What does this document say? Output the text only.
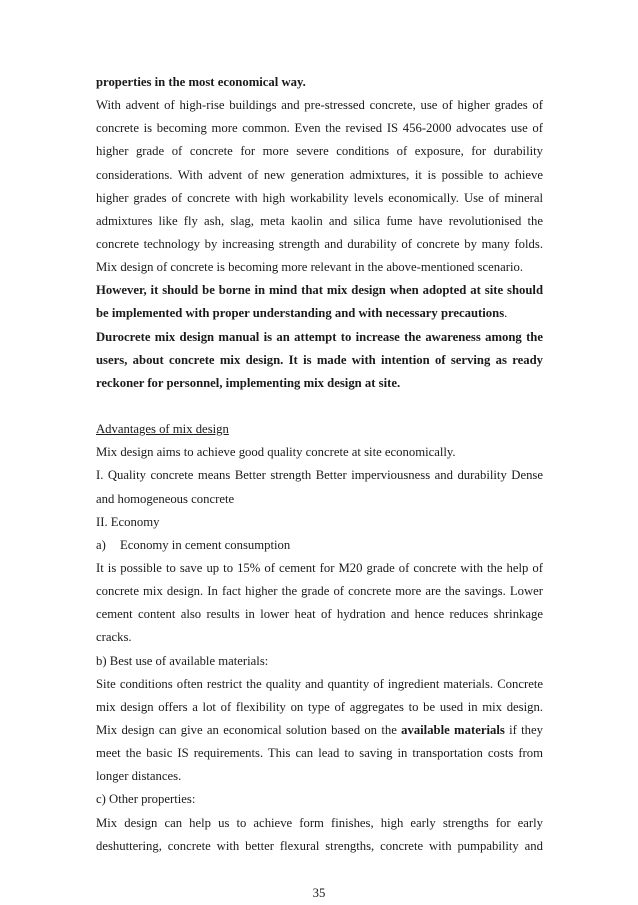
properties in the most economical way.
With advent of high-rise buildings and pre-stressed concrete, use of higher grades of
concrete is becoming more common. Even the revised IS 456-2000 advocates use of
higher grade of concrete for more severe conditions of exposure, for durability
considerations. With advent of new generation admixtures, it is possible to achieve
higher grades of concrete with high workability levels economically. Use of mineral
admixtures like fly ash, slag, meta kaolin and silica fume have revolutionised the
concrete technology by increasing strength and durability of concrete by many folds.
Mix design of concrete is becoming more relevant in the above-mentioned scenario.
However, it should be borne in mind that mix design when adopted at site should
be implemented with proper understanding and with necessary precautions.
Durocrete mix design manual is an attempt to increase the awareness among the
users, about concrete mix design. It is made with intention of serving as ready
reckoner for personnel, implementing mix design at site.
Advantages of mix design
Mix design aims to achieve good quality concrete at site economically.
I. Quality concrete means Better strength Better imperviousness and durability Dense
and homogeneous concrete
II. Economy
a) Economy in cement consumption
It is possible to save up to 15% of cement for M20 grade of concrete with the help of
concrete mix design. In fact higher the grade of concrete more are the savings. Lower
cement content also results in lower heat of hydration and hence reduces shrinkage
cracks.
b) Best use of available materials:
Site conditions often restrict the quality and quantity of ingredient materials. Concrete
mix design offers a lot of flexibility on type of aggregates to be used in mix design.
Mix design can give an economical solution based on the available materials if they
meet the basic IS requirements. This can lead to saving in transportation costs from
longer distances.
c) Other properties:
Mix design can help us to achieve form finishes, high early strengths for early
deshuttering, concrete with better flexural strengths, concrete with pumpability and
35
